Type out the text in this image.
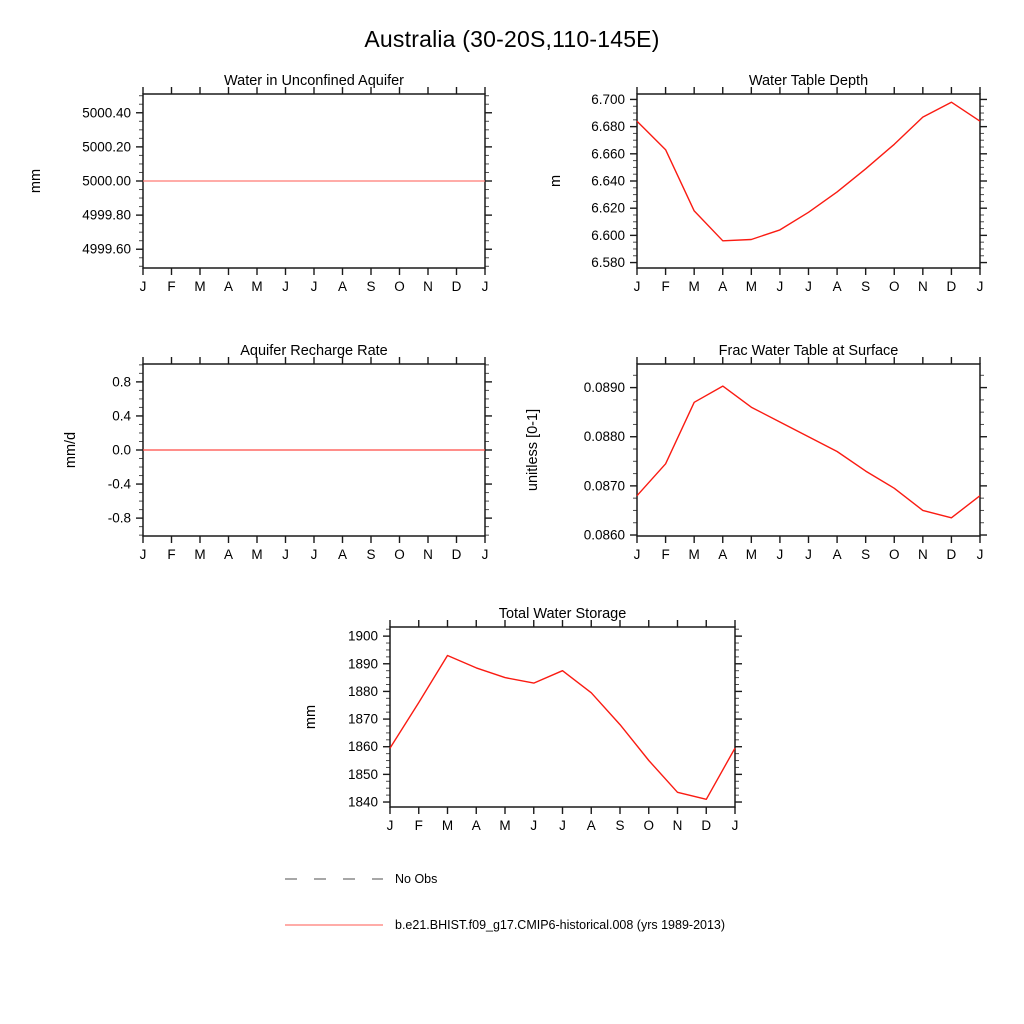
Australia (30-20S,110-145E)
4999.60
4999.80
5000.00
5000.20
5000.40
J F M A M J J A S O N D J
Water in Unconfined Aquifer
mm
6.580
6.600
6.620
6.640
6.660
6.680
6.700
J F M A M J J A S O N D J
Water Table Depth
m
-0.8
-0.4
0.0
0.4
0.8
J F M A M J J A S O N D J
Aquifer Recharge Rate
mm/d
0.0860
0.0870
0.0880
0.0890
J F M A M J J A S O N D J
Frac Water Table at Surface
unitless [0-1]
1840
1850
1860
1870
1880
1890
1900
J F M A M J J A S O N D J
Total Water Storage
mm
No Obs
b.e21.BHIST.f09_g17.CMIP6-historical.008 (yrs 1989-2013)
